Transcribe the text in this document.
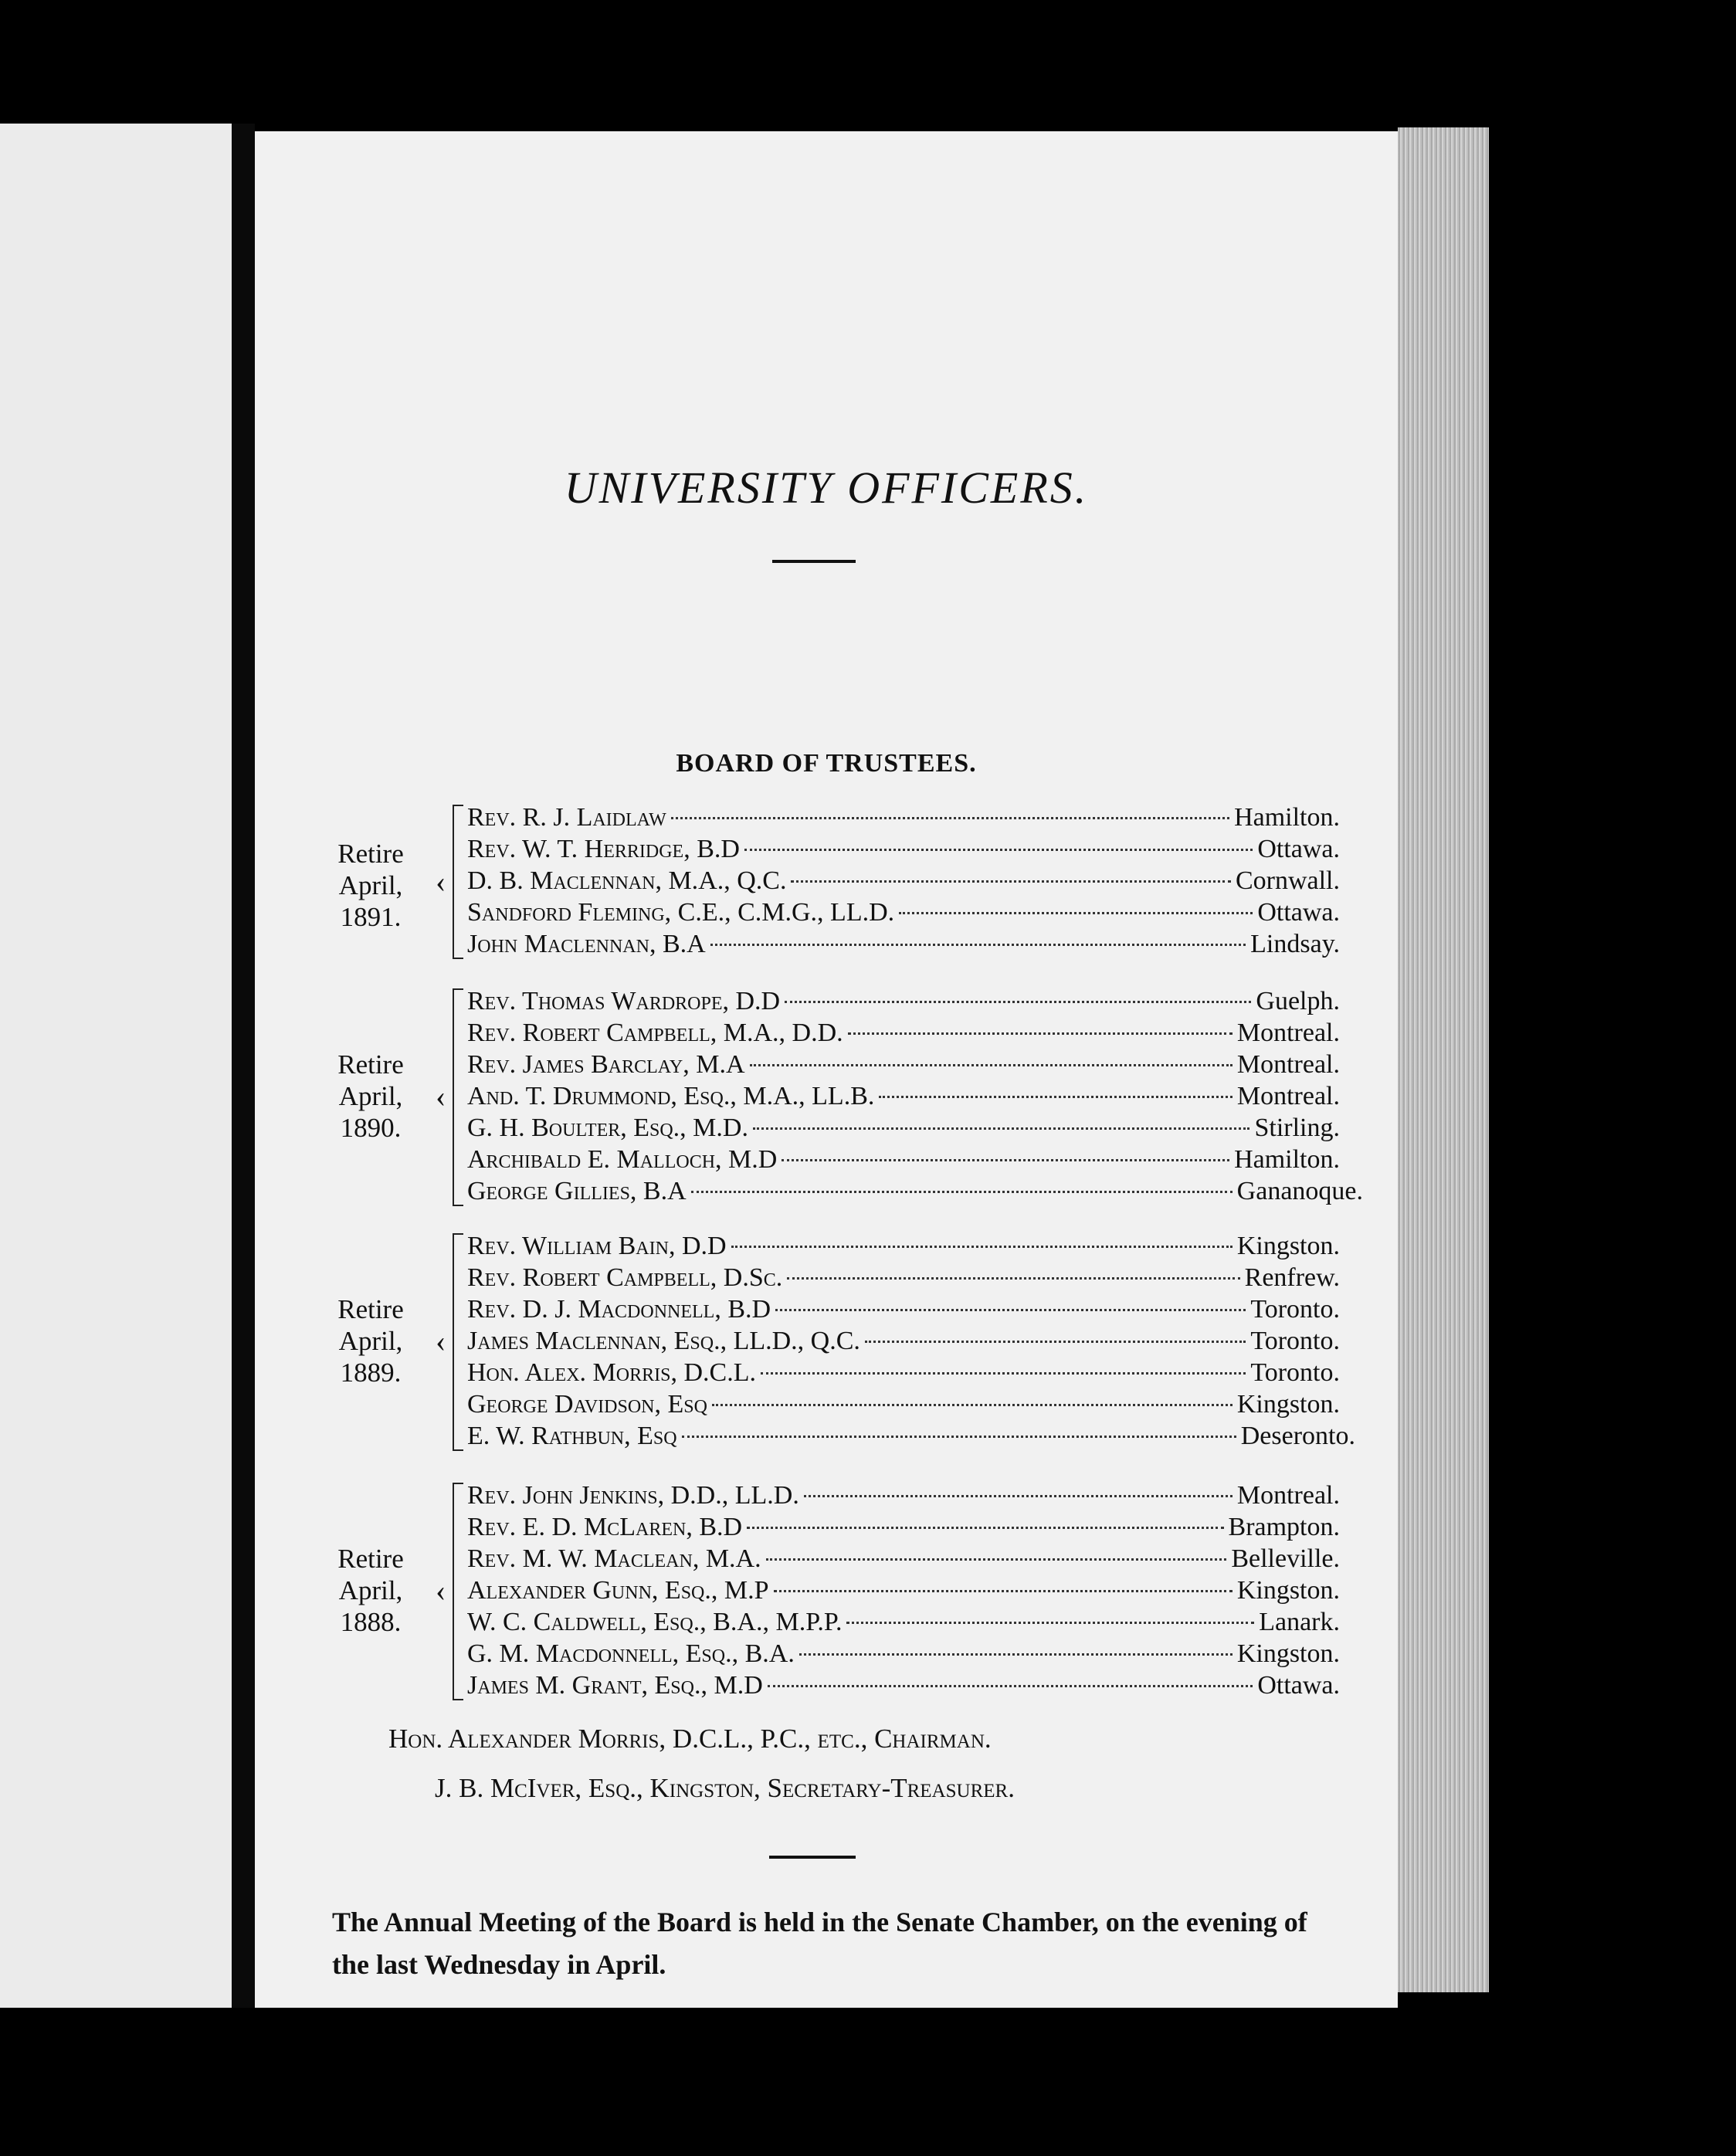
UNIVERSITY OFFICERS.
BOARD OF TRUSTEES.
Retire
April,
1891.
‹
Rev. R. J. Laidlaw	Hamilton.
Rev. W. T. Herridge, B.D	Ottawa.
D. B. Maclennan, M.A., Q.C.	Cornwall.
Sandford Fleming, C.E., C.M.G., LL.D.	Ottawa.
John Maclennan, B.A	Lindsay.
Retire
April,
1890.
‹
Rev. Thomas Wardrope, D.D	Guelph.
Rev. Robert Campbell, M.A., D.D.	Montreal.
Rev. James Barclay, M.A	Montreal.
And. T. Drummond, Esq., M.A., LL.B.	Montreal.
G. H. Boulter, Esq., M.D.	Stirling.
Archibald E. Malloch, M.D	Hamilton.
George Gillies, B.A	Gananoque.
Retire
April,
1889.
‹
Rev. William Bain, D.D	Kingston.
Rev. Robert Campbell, D.Sc.	Renfrew.
Rev. D. J. Macdonnell, B.D	Toronto.
James Maclennan, Esq., LL.D., Q.C.	Toronto.
Hon. Alex. Morris, D.C.L.	Toronto.
George Davidson, Esq	Kingston.
E. W. Rathbun, Esq	Deseronto.
Retire
April,
1888.
‹
Rev. John Jenkins, D.D., LL.D.	Montreal.
Rev. E. D. McLaren, B.D	Brampton.
Rev. M. W. Maclean, M.A.	Belleville.
Alexander Gunn, Esq., M.P	Kingston.
W. C. Caldwell, Esq., B.A., M.P.P.	Lanark.
G. M. Macdonnell, Esq., B.A.	Kingston.
James M. Grant, Esq., M.D	Ottawa.
Hon. Alexander Morris, D.C.L., P.C., etc., Chairman.
J. B. McIver, Esq., Kingston, Secretary-Treasurer.
The Annual Meeting of the Board is held in the Senate Chamber, on the evening of the last Wednesday in April.
